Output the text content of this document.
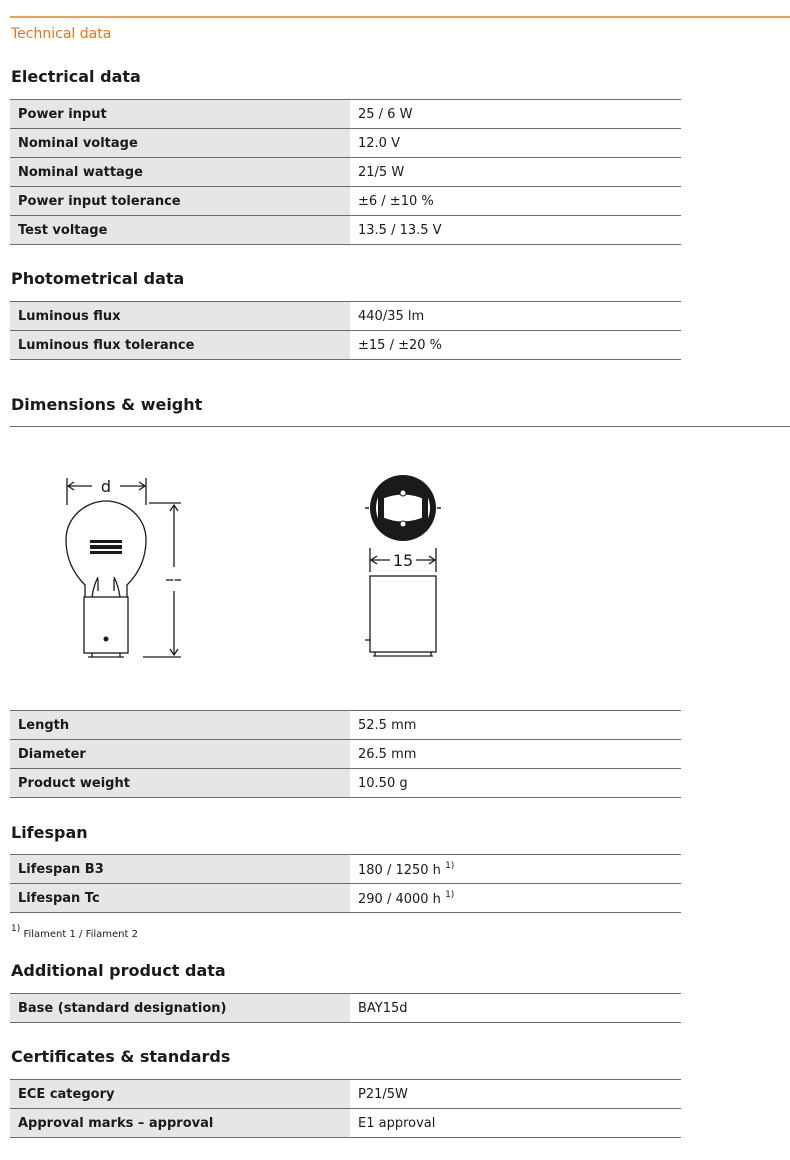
Technical data
Electrical data
Power input	25 / 6 W
Nominal voltage	12.0 V
Nominal wattage	21/5 W
Power input tolerance	±6 / ±10 %
Test voltage	13.5 / 13.5 V
Photometrical data
Luminous flux	440/35 lm
Luminous flux tolerance	±15 / ±20 %
Dimensions & weight
d
l
15
Length	52.5 mm
Diameter	26.5 mm
Product weight	10.50 g
Lifespan
Lifespan B3	180 / 1250 h $^{1)}$
Lifespan Tc	290 / 4000 h $^{1)}$
$^{1)}$ Filament 1 / Filament 2
Additional product data
Base (standard designation)	BAY15d
Certificates & standards
ECE category	P21/5W
Approval marks – approval	E1 approval
